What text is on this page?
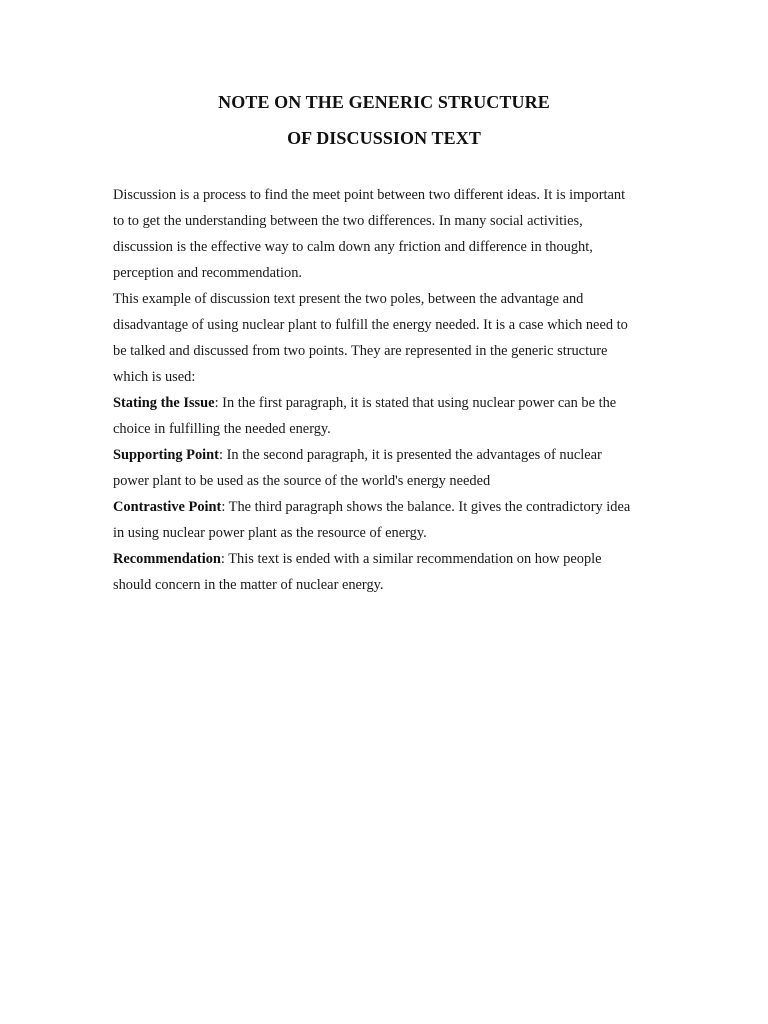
NOTE ON THE GENERIC STRUCTURE
OF DISCUSSION TEXT
Discussion is a process to find the meet point between two different ideas. It is important
to to get the understanding between the two differences. In many social activities,
discussion is the effective way to calm down any friction and difference in thought,
perception and recommendation.
This example of discussion text present the two poles, between the advantage and
disadvantage of using nuclear plant to fulfill the energy needed. It is a case which need to
be talked and discussed from two points. They are represented in the generic structure
which is used:
Stating the Issue: In the first paragraph, it is stated that using nuclear power can be the
choice in fulfilling the needed energy.
Supporting Point: In the second paragraph, it is presented the advantages of nuclear
power plant to be used as the source of the world's energy needed
Contrastive Point: The third paragraph shows the balance. It gives the contradictory idea
in using nuclear power plant as the resource of energy.
Recommendation: This text is ended with a similar recommendation on how people
should concern in the matter of nuclear energy.
